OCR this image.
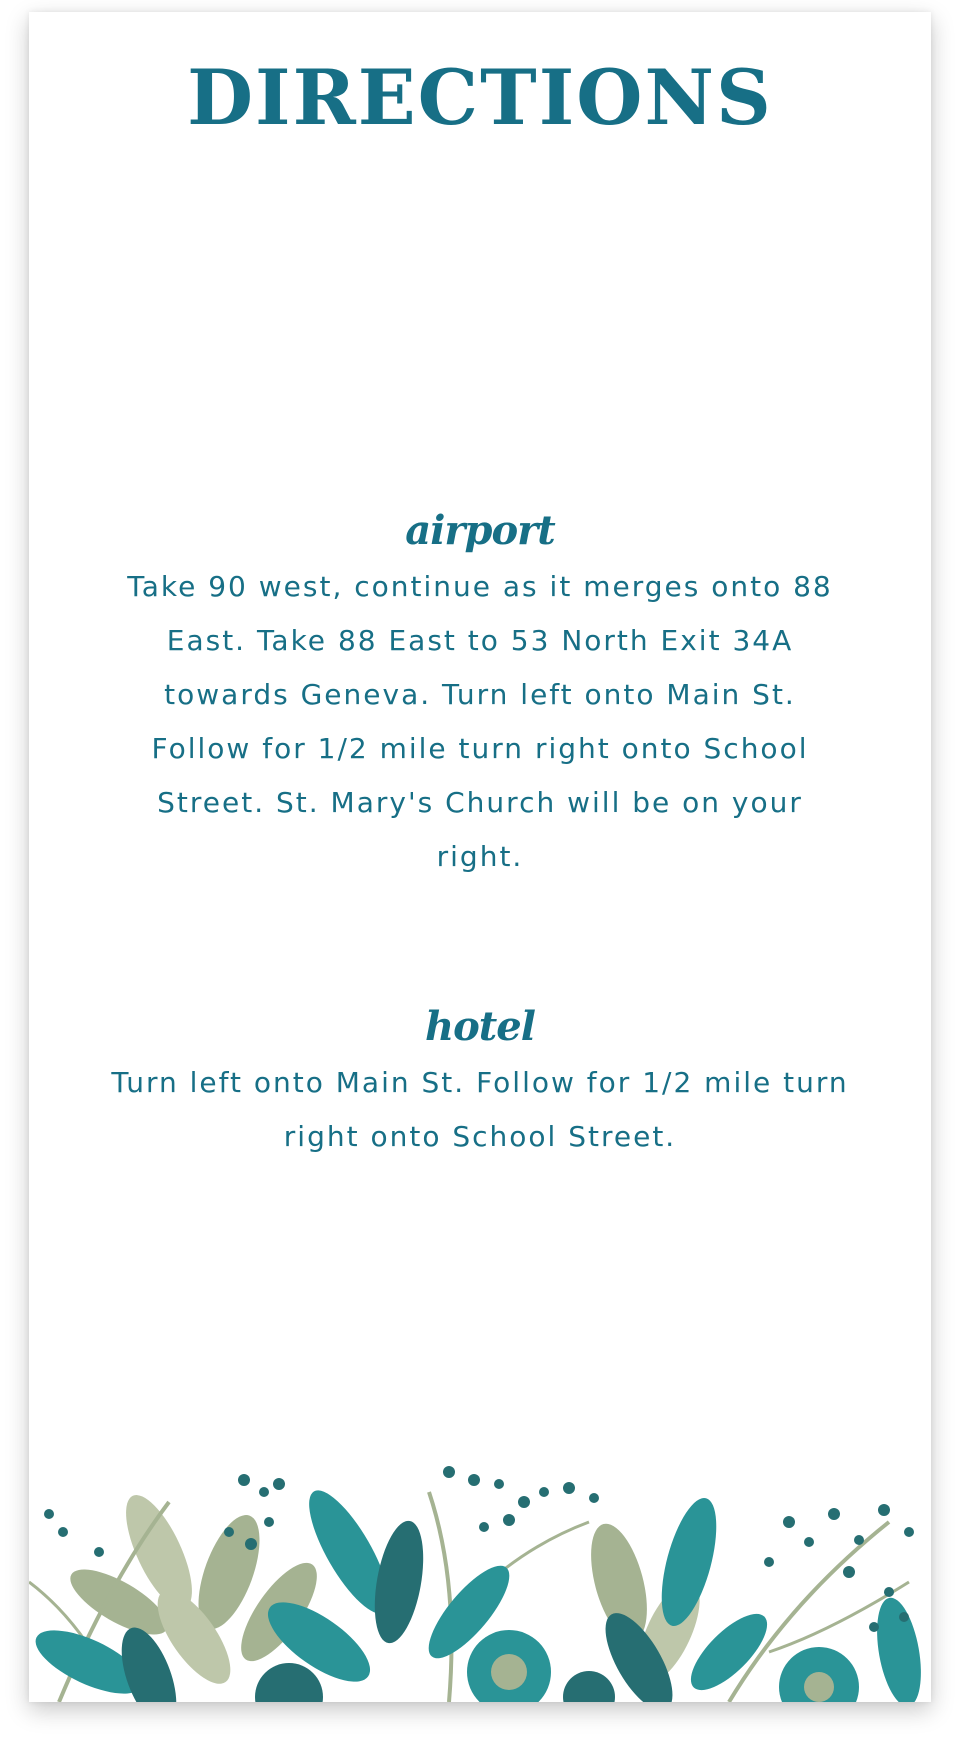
DIRECTIONS
airport
Take 90 west, continue as it merges onto 88 East. Take 88 East to 53 North Exit 34A towards Geneva. Turn left onto Main St. Follow for 1/2 mile turn right onto School Street. St. Mary's Church will be on your right.
hotel
Turn left onto Main St. Follow for 1/2 mile turn right onto School Street.
